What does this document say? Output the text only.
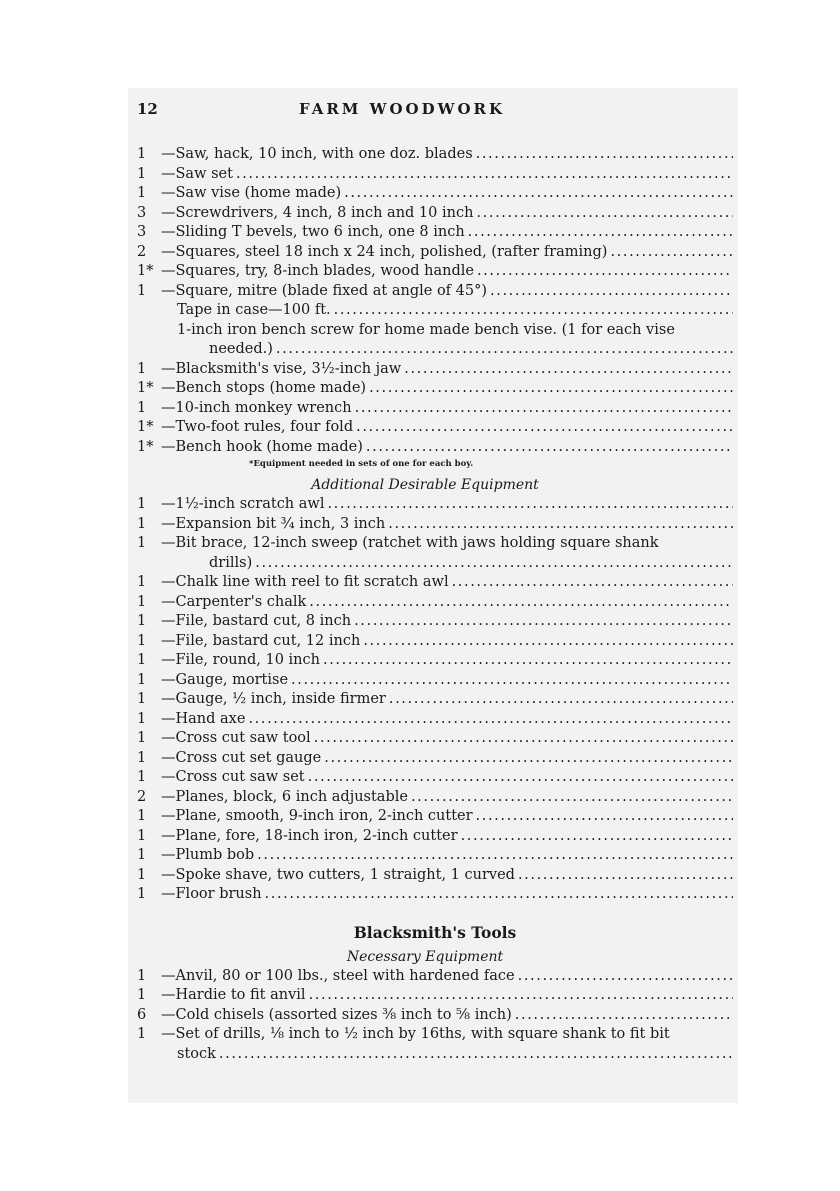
12	FARM WOODWORK
1	—Saw, hack, 10 inch, with one doz. blades
.....
1	—Saw set
.....
1	—Saw vise (home made)
.....
3	—Screwdrivers, 4 inch, 8 inch and 10 inch
.....
3	—Sliding T bevels, two 6 inch, one 8 inch
.....
2	—Squares, steel 18 inch x 24 inch, polished, (rafter framing)
.....
1* —Squares, try, 8-inch blades, wood handle
.....
1	—Square, mitre (blade fixed at angle of 45°)
.....
Tape in case—100 ft.
.....
1-inch iron bench screw for home made bench vise. (1 for each vise
needed.)
.....
1	—Blacksmith's vise, 3½-inch jaw
.....
1* —Bench stops (home made)
.....
1	—10-inch monkey wrench
.....
1* —Two-foot rules, four fold
.....
1* —Bench hook (home made)
.....
*Equipment needed in sets of one for each boy.
Additional Desirable Equipment
1	—1½-inch scratch awl
.....
1	—Expansion bit ¾ inch, 3 inch
.....
1	—Bit brace, 12-inch sweep (ratchet with jaws holding square shank
drills)
.....
1	—Chalk line with reel to fit scratch awl
.....
1	—Carpenter's chalk
.....
1	—File, bastard cut, 8 inch
.....
1	—File, bastard cut, 12 inch
.....
1	—File, round, 10 inch
.....
1	—Gauge, mortise
.....
1	—Gauge, ½ inch, inside firmer
.....
1	—Hand axe
.....
1	—Cross cut saw tool
.....
1	—Cross cut set gauge
.....
1	—Cross cut saw set
.....
2	—Planes, block, 6 inch adjustable
.....
1	—Plane, smooth, 9-inch iron, 2-inch cutter
.....
1	—Plane, fore, 18-inch iron, 2-inch cutter
.....
1	—Plumb bob
.....
1	—Spoke shave, two cutters, 1 straight, 1 curved
.....
1	—Floor brush
.....
Blacksmith's Tools
Necessary Equipment
1	—Anvil, 80 or 100 lbs., steel with hardened face
.....
1	—Hardie to fit anvil
.....
6	—Cold chisels (assorted sizes ⅜ inch to ⅝ inch)
.....
1	—Set of drills, ⅛ inch to ½ inch by 16ths, with square shank to fit bit
stock
.....
